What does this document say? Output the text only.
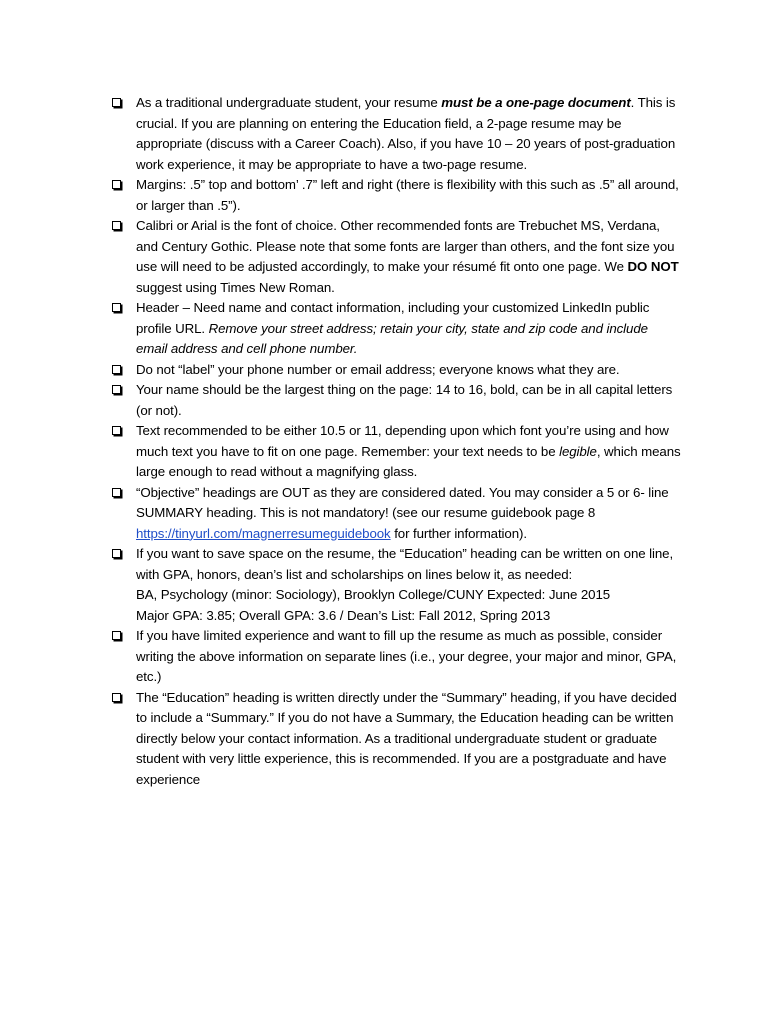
As a traditional undergraduate student, your resume must be a one-page document. This is crucial. If you are planning on entering the Education field, a 2-page resume may be appropriate (discuss with a Career Coach). Also, if you have 10 – 20 years of post-graduation work experience, it may be appropriate to have a two-page resume.
Margins: .5” top and bottom’ .7” left and right (there is flexibility with this such as .5” all around, or larger than .5”).
Calibri or Arial is the font of choice. Other recommended fonts are Trebuchet MS, Verdana, and Century Gothic. Please note that some fonts are larger than others, and the font size you use will need to be adjusted accordingly, to make your résumé fit onto one page. We DO NOT suggest using Times New Roman.
Header – Need name and contact information, including your customized LinkedIn public profile URL. Remove your street address; retain your city, state and zip code and include email address and cell phone number.
Do not “label” your phone number or email address; everyone knows what they are.
Your name should be the largest thing on the page: 14 to 16, bold, can be in all capital letters (or not).
Text recommended to be either 10.5 or 11, depending upon which font you’re using and how much text you have to fit on one page. Remember: your text needs to be legible, which means large enough to read without a magnifying glass.
“Objective” headings are OUT as they are considered dated. You may consider a 5 or 6- line SUMMARY heading. This is not mandatory! (see our resume guidebook page 8 https://tinyurl.com/magnerresumeguidebook for further information).
If you want to save space on the resume, the “Education” heading can be written on one line, with GPA, honors, dean’s list and scholarships on lines below it, as needed:
BA, Psychology (minor: Sociology), Brooklyn College/CUNY Expected: June 2015
Major GPA: 3.85; Overall GPA: 3.6 / Dean’s List: Fall 2012, Spring 2013
If you have limited experience and want to fill up the resume as much as possible, consider writing the above information on separate lines (i.e., your degree, your major and minor, GPA, etc.)
The “Education” heading is written directly under the “Summary” heading, if you have decided to include a “Summary.” If you do not have a Summary, the Education heading can be written directly below your contact information. As a traditional undergraduate student or graduate student with very little experience, this is recommended. If you are a postgraduate and have experience
